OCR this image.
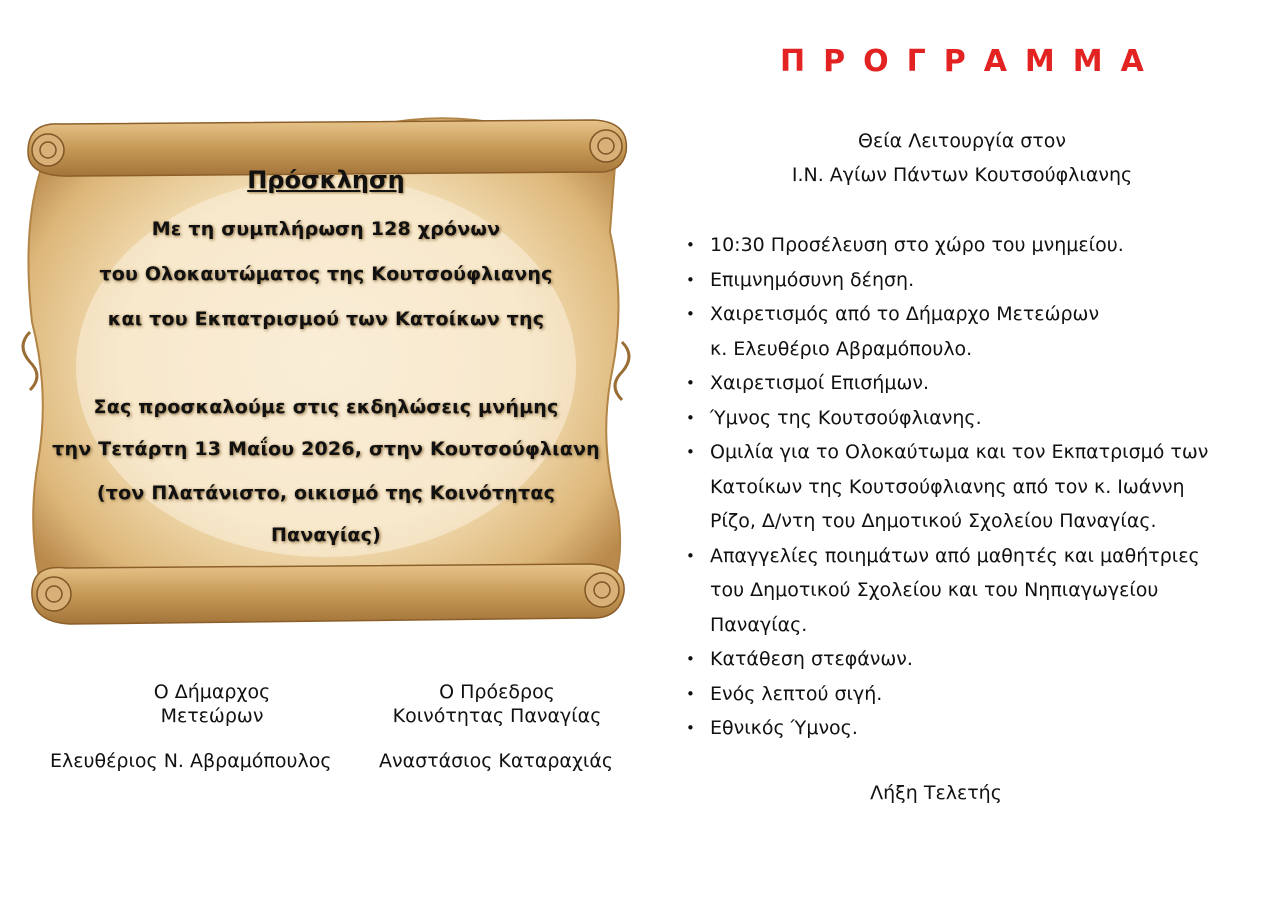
Πρόσκληση
Με τη συμπλήρωση 128 χρόνων
του Ολοκαυτώματος της Κουτσούφλιανης
και του Εκπατρισμού των Κατοίκων της
Σας προσκαλούμε στις εκδηλώσεις μνήμης
την Τετάρτη 13 Μαΐου 2026, στην Κουτσούφλιανη
(τον Πλατάνιστο, οικισμό της Κοινότητας
Παναγίας)
Ο Δήμαρχος
Μετεώρων
Ελευθέριος Ν. Αβραμόπουλος
Ο Πρόεδρος
Κοινότητας Παναγίας
Αναστάσιος Καταραχιάς
ΠΡΟΓΡΑΜΜΑ
Θεία Λειτουργία στον
Ι.Ν. Αγίων Πάντων Κουτσούφλιανης
• 10:30 Προσέλευση στο χώρο του μνημείου.
• Επιμνημόσυνη δέηση.
• Χαιρετισμός από το Δήμαρχο Μετεώρων
κ. Ελευθέριο Αβραμόπουλο.
• Χαιρετισμοί Επισήμων.
• Ύμνος της Κουτσούφλιανης.
• Ομιλία για το Ολοκαύτωμα και τον Εκπατρισμό των
Κατοίκων της Κουτσούφλιανης από τον κ. Ιωάννη
Ρίζο, Δ/ντη του Δημοτικού Σχολείου Παναγίας.
• Απαγγελίες ποιημάτων από μαθητές και μαθήτριες
του Δημοτικού Σχολείου και του Νηπιαγωγείου
Παναγίας.
• Κατάθεση στεφάνων.
• Ενός λεπτού σιγή.
• Εθνικός Ύμνος.
Λήξη Τελετής
